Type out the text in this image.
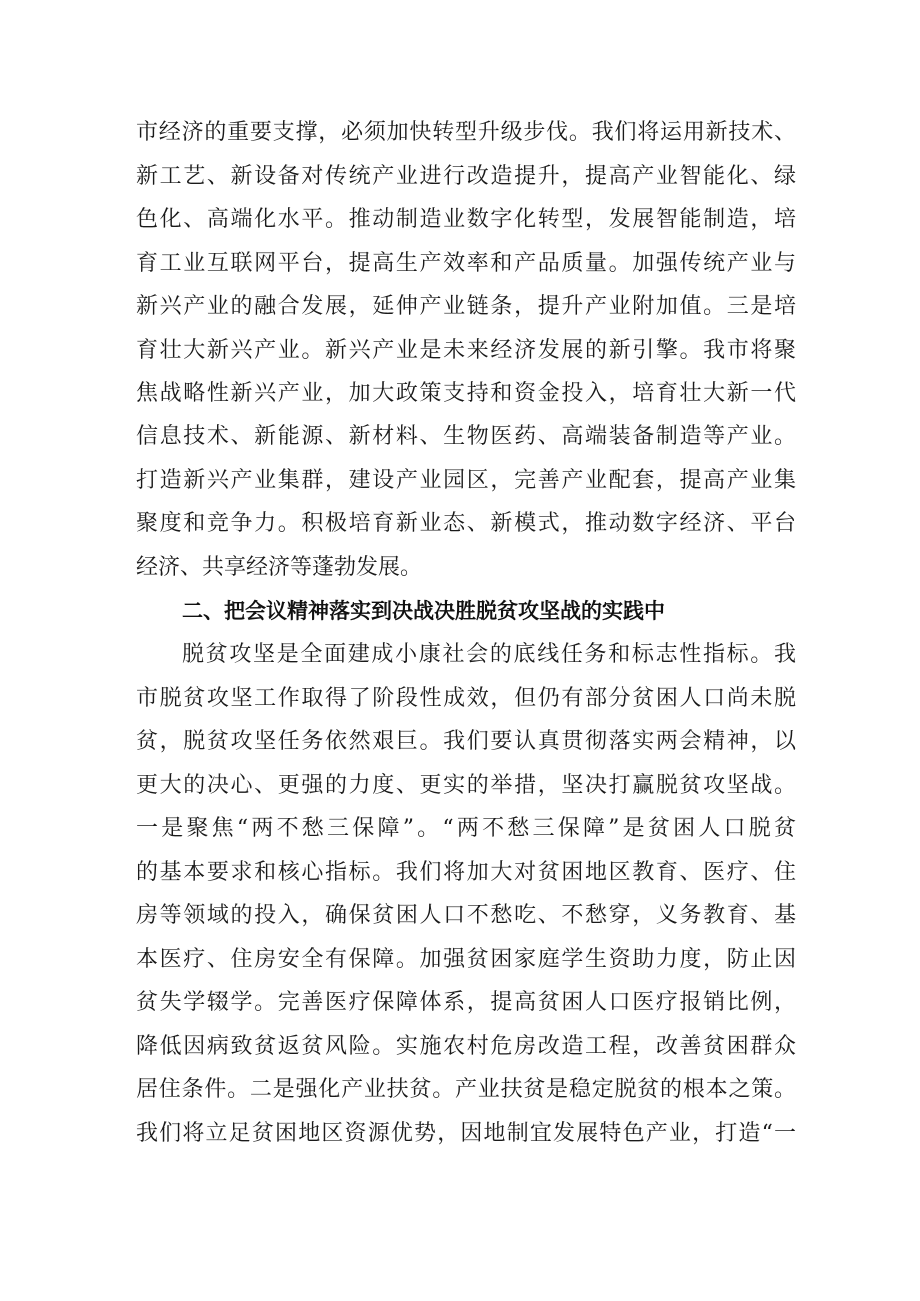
市经济的重要支撑，必须加快转型升级步伐。我们将运用新技术、

新工艺、新设备对传统产业进行改造提升，提高产业智能化、绿

色化、高端化水平。推动制造业数字化转型，发展智能制造，培

育工业互联网平台，提高生产效率和产品质量。加强传统产业与

新兴产业的融合发展，延伸产业链条，提升产业附加值。三是培

育壮大新兴产业。新兴产业是未来经济发展的新引擎。我市将聚

焦战略性新兴产业，加大政策支持和资金投入，培育壮大新一代

信息技术、新能源、新材料、生物医药、高端装备制造等产业。

打造新兴产业集群，建设产业园区，完善产业配套，提高产业集

聚度和竞争力。积极培育新业态、新模式，推动数字经济、平台

经济、共享经济等蓬勃发展。

二、把会议精神落实到决战决胜脱贫攻坚战的实践中

脱贫攻坚是全面建成小康社会的底线任务和标志性指标。我

市脱贫攻坚工作取得了阶段性成效，但仍有部分贫困人口尚未脱

贫，脱贫攻坚任务依然艰巨。我们要认真贯彻落实两会精神，以

更大的决心、更强的力度、更实的举措，坚决打赢脱贫攻坚战。

一是聚焦“两不愁三保障”。“两不愁三保障”是贫困人口脱贫

的基本要求和核心指标。我们将加大对贫困地区教育、医疗、住

房等领域的投入，确保贫困人口不愁吃、不愁穿，义务教育、基

本医疗、住房安全有保障。加强贫困家庭学生资助力度，防止因

贫失学辍学。完善医疗保障体系，提高贫困人口医疗报销比例，

降低因病致贫返贫风险。实施农村危房改造工程，改善贫困群众

居住条件。二是强化产业扶贫。产业扶贫是稳定脱贫的根本之策。

我们将立足贫困地区资源优势，因地制宜发展特色产业，打造“一
